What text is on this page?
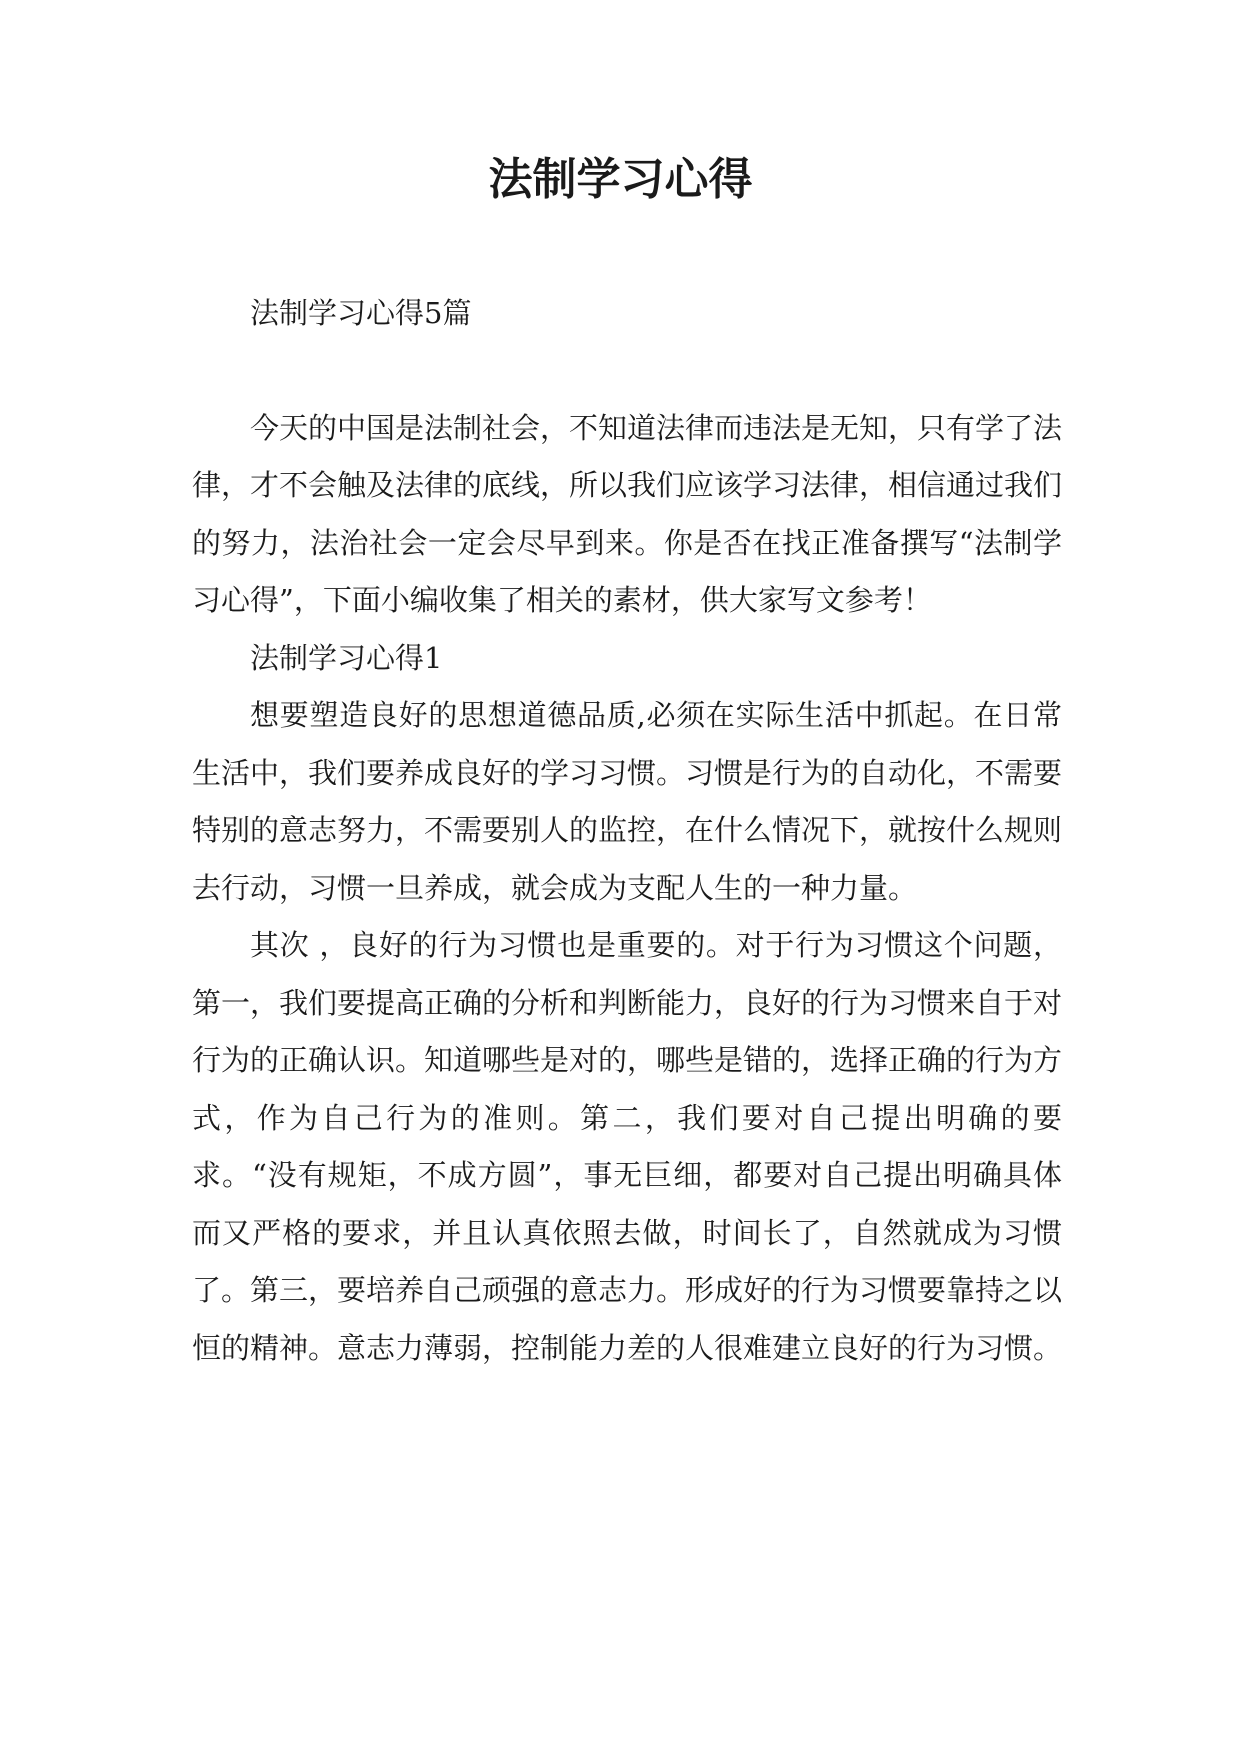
法制学习心得

法制学习心得5篇

今天的中国是法制社会，不知道法律而违法是无知，只有学了法律，才不会触及法律的底线，所以我们应该学习法律，相信通过我们的努力，法治社会一定会尽早到来。你是否在找正准备撰写“法制学习心得”，下面小编收集了相关的素材，供大家写文参考！

法制学习心得1

想要塑造良好的思想道德品质,必须在实际生活中抓起。在日常生活中，我们要养成良好的学习习惯。习惯是行为的自动化，不需要特别的意志努力，不需要别人的监控，在什么情况下，就按什么规则去行动，习惯一旦养成，就会成为支配人生的一种力量。

其次 ，良好的行为习惯也是重要的。对于行为习惯这个问题，第一，我们要提高正确的分析和判断能力，良好的行为习惯来自于对行为的正确认识。知道哪些是对的，哪些是错的，选择正确的行为方式，作为自己行为的准则。第二，我们要对自己提出明确的要求。“没有规矩，不成方圆”，事无巨细，都要对自己提出明确具体而又严格的要求，并且认真依照去做，时间长了，自然就成为习惯了。第三，要培养自己顽强的意志力。形成好的行为习惯要靠持之以恒的精神。意志力薄弱，控制能力差的人很难建立良好的行为习惯。
